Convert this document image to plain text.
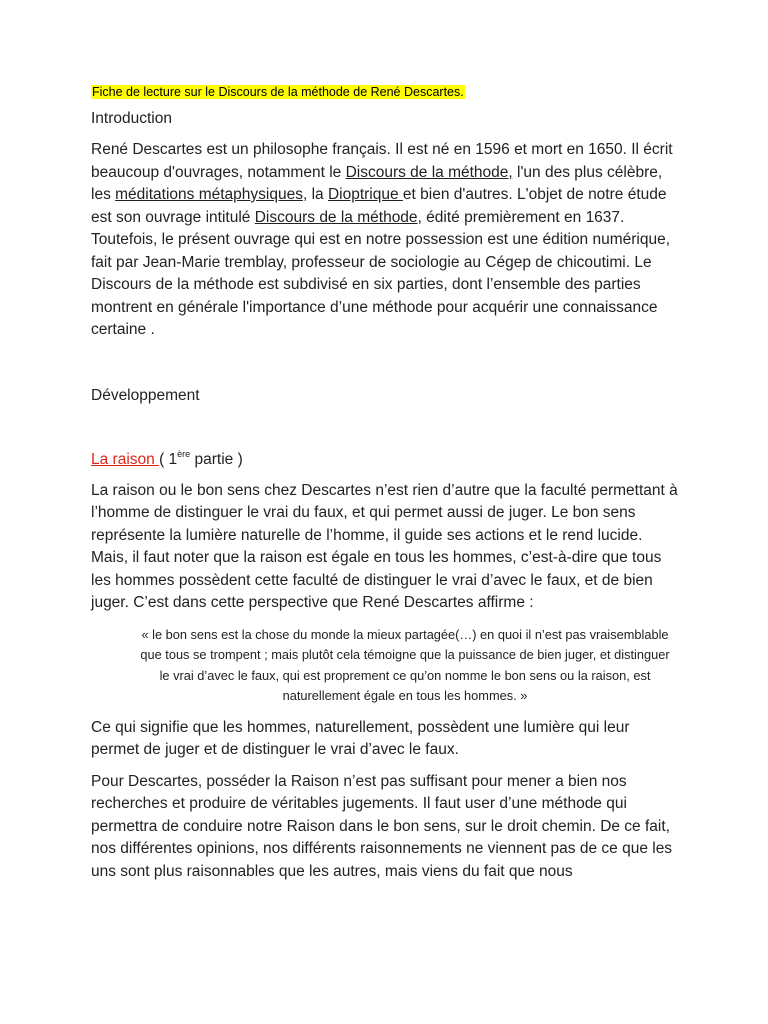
Fiche de lecture sur le Discours de la méthode de René Descartes.

Introduction

René Descartes est un philosophe français. Il est né en 1596 et mort en 1650. Il écrit beaucoup d'ouvrages, notamment le Discours de la méthode, l'un des plus célèbre, les méditations métaphysiques, la Dioptrique et bien d'autres. L'objet de notre étude est son ouvrage intitulé Discours de la méthode, édité premièrement en 1637. Toutefois, le présent ouvrage qui est en notre possession est une édition numérique, fait par Jean-Marie tremblay, professeur de sociologie au Cégep de chicoutimi. Le Discours de la méthode est subdivisé en six parties, dont l’ensemble des parties montrent en générale l'importance d’une méthode pour acquérir une connaissance certaine .

Développement

La raison ( 1ère partie )

La raison ou le bon sens chez Descartes n’est rien d’autre que la faculté permettant à l’homme de distinguer le vrai du faux, et qui permet aussi de juger. Le bon sens représente la lumière naturelle de l’homme, il guide ses actions et le rend lucide. Mais, il faut noter que la raison est égale en tous les hommes, c’est-à-dire que tous les hommes possèdent cette faculté de distinguer le vrai d’avec le faux, et de bien juger. C’est dans cette perspective que René Descartes affirme :

« le bon sens est la chose du monde la mieux partagée(…) en quoi il n’est pas vraisemblable que tous se trompent ; mais plutôt cela témoigne que la puissance de bien juger, et distinguer le vrai d’avec le faux, qui est proprement ce qu’on nomme le bon sens ou la raison, est naturellement égale en tous les hommes. »

Ce qui signifie que les hommes, naturellement, possèdent une lumière qui leur permet de juger et de distinguer le vrai d’avec le faux.

Pour Descartes, posséder la Raison n’est pas suffisant pour mener a bien nos recherches et produire de véritables jugements. Il faut user d’une méthode qui permettra de conduire notre Raison dans le bon sens, sur le droit chemin. De ce fait, nos différentes opinions, nos différents raisonnements ne viennent pas de ce que les uns sont plus raisonnables que les autres, mais viens du fait que nous
